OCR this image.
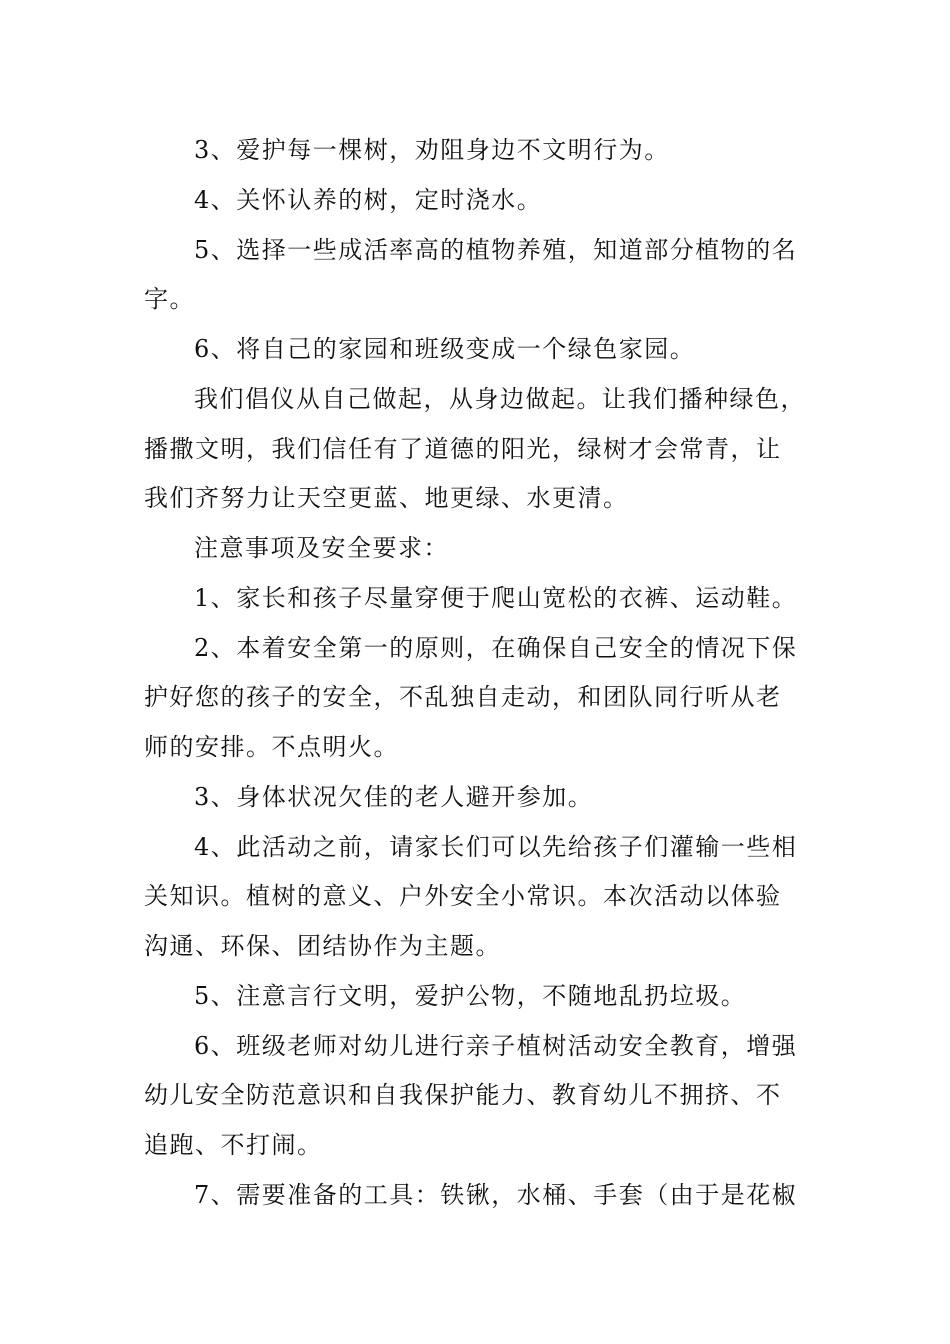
3、爱护每一棵树，劝阻身边不文明行为。
4、关怀认养的树，定时浇水。
5、选择一些成活率高的植物养殖，知道部分植物的名
字。
6、将自己的家园和班级变成一个绿色家园。
我们倡仪从自己做起，从身边做起。让我们播种绿色，
播撒文明，我们信任有了道德的阳光，绿树才会常青，让
我们齐努力让天空更蓝、地更绿、水更清。
注意事项及安全要求：
1、家长和孩子尽量穿便于爬山宽松的衣裤、运动鞋。
2、本着安全第一的原则，在确保自己安全的情况下保
护好您的孩子的安全，不乱独自走动，和团队同行听从老
师的安排。不点明火。
3、身体状况欠佳的老人避开参加。
4、此活动之前，请家长们可以先给孩子们灌输一些相
关知识。植树的意义、户外安全小常识。本次活动以体验
沟通、环保、团结协作为主题。
5、注意言行文明，爱护公物，不随地乱扔垃圾。
6、班级老师对幼儿进行亲子植树活动安全教育，增强
幼儿安全防范意识和自我保护能力、教育幼儿不拥挤、不
追跑、不打闹。
7、需要准备的工具：铁锹，水桶、手套（由于是花椒
